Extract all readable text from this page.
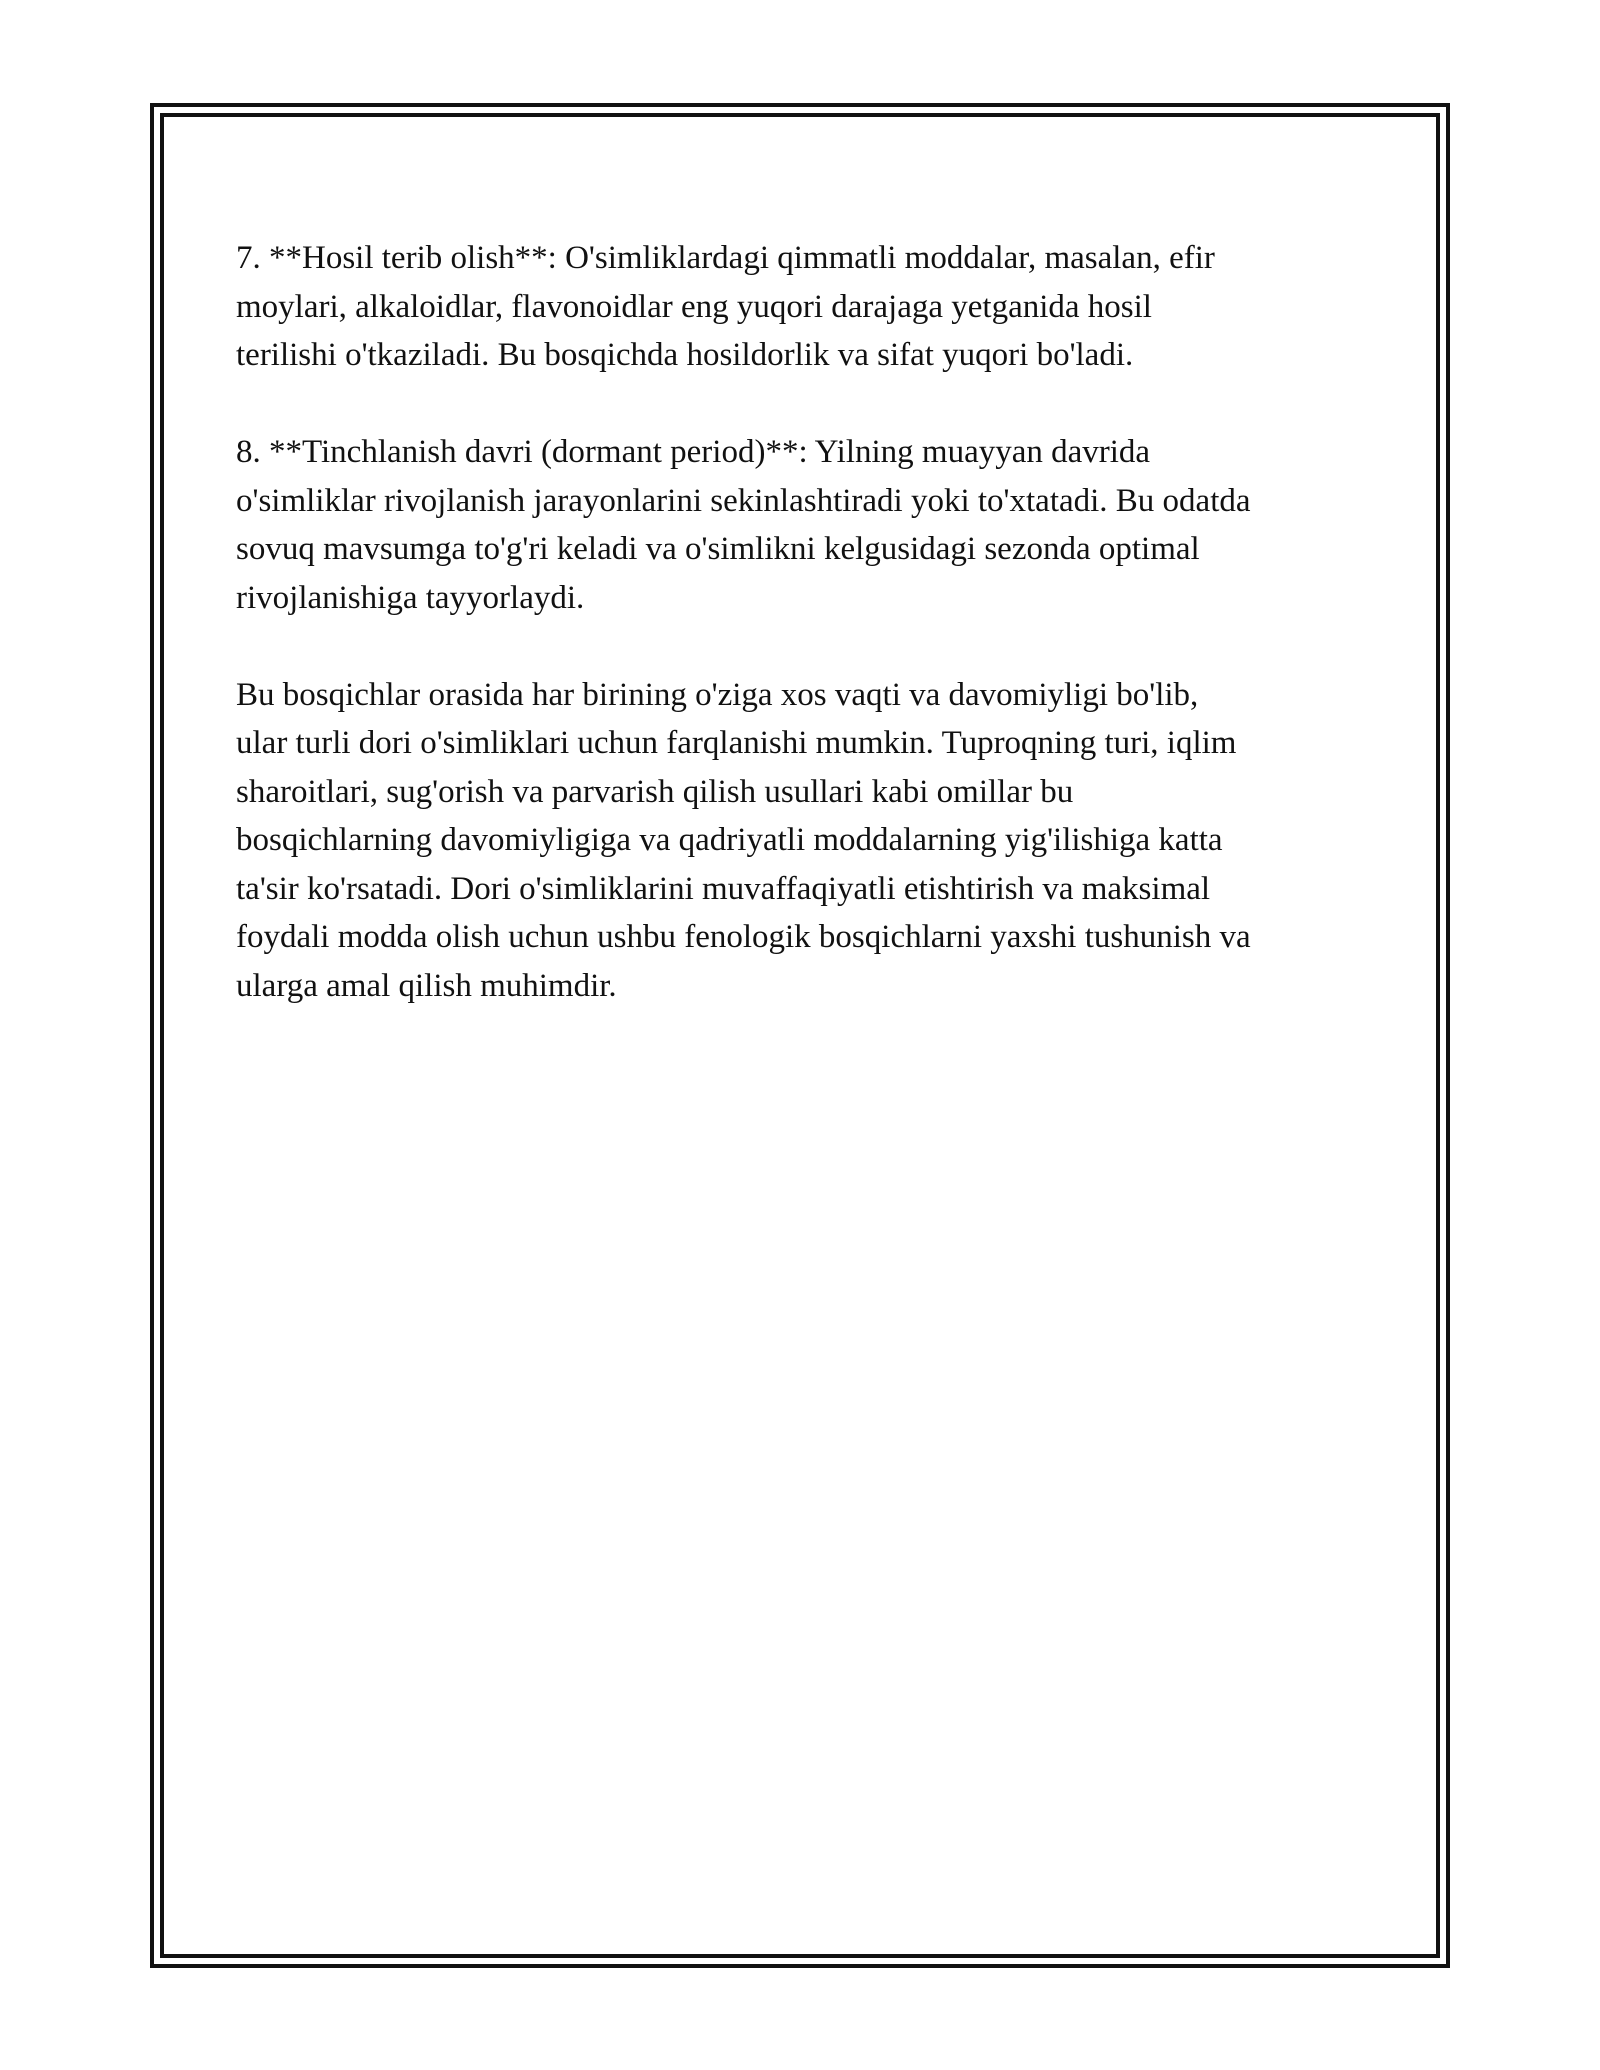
7. **Hosil terib olish**: O'simliklardagi qimmatli moddalar, masalan, efir
moylari, alkaloidlar, flavonoidlar eng yuqori darajaga yetganida hosil
terilishi o'tkaziladi. Bu bosqichda hosildorlik va sifat yuqori bo'ladi.

8. **Tinchlanish davri (dormant period)**: Yilning muayyan davrida
o'simliklar rivojlanish jarayonlarini sekinlashtiradi yoki to'xtatadi. Bu odatda
sovuq mavsumga to'g'ri keladi va o'simlikni kelgusidagi sezonda optimal
rivojlanishiga tayyorlaydi.

Bu bosqichlar orasida har birining o'ziga xos vaqti va davomiyligi bo'lib,
ular turli dori o'simliklari uchun farqlanishi mumkin. Tuproqning turi, iqlim
sharoitlari, sug'orish va parvarish qilish usullari kabi omillar bu
bosqichlarning davomiyligiga va qadriyatli moddalarning yig'ilishiga katta
ta'sir ko'rsatadi. Dori o'simliklarini muvaffaqiyatli etishtirish va maksimal
foydali modda olish uchun ushbu fenologik bosqichlarni yaxshi tushunish va
ularga amal qilish muhimdir.
